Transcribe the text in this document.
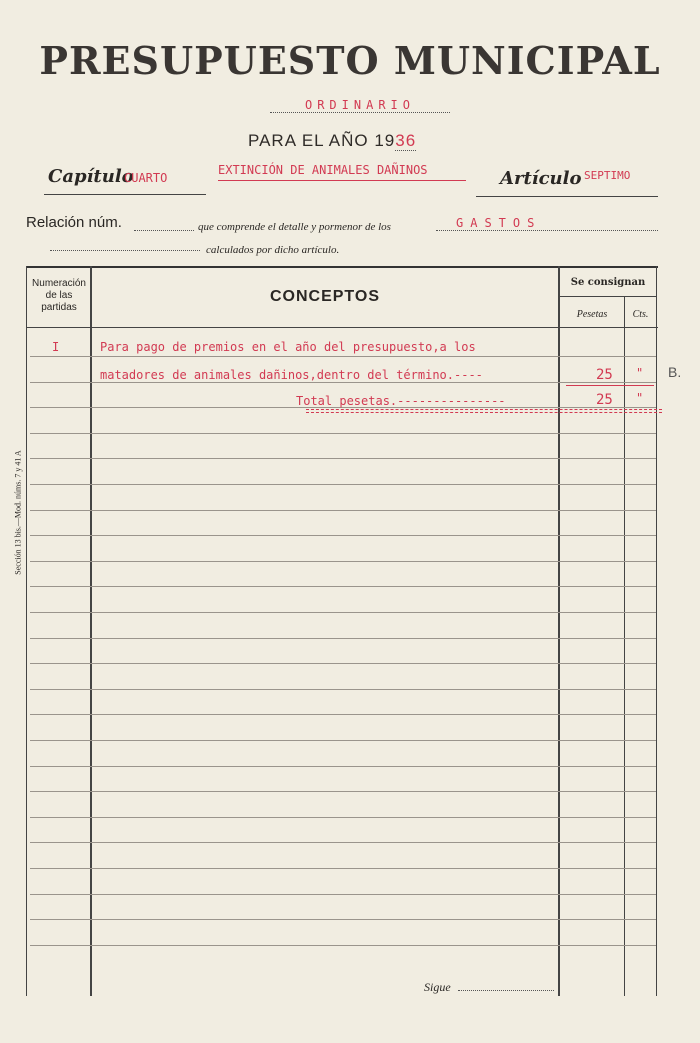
PRESUPUESTO MUNICIPAL
ORDINARIO
PARA EL AÑO 1936
Capítulo
CUARTO
EXTINCIÓN DE ANIMALES DAÑINOS	Artículo SEPTIMO
Relación núm.	que comprende el detalle y pormenor de los	GASTOS
calculados por dicho artículo.
Numeración de las partidas
CONCEPTOS
Se consignan
Pesetas	Cts.
I	Para pago de premios en el año del presupuesto,a los
matadores de animales dañinos,dentro del término.----	25 "
Total pesetas.---------------	25 "
B.
Sigue
Sección 13 bis.—Mod. núms. 7 y 41 A
